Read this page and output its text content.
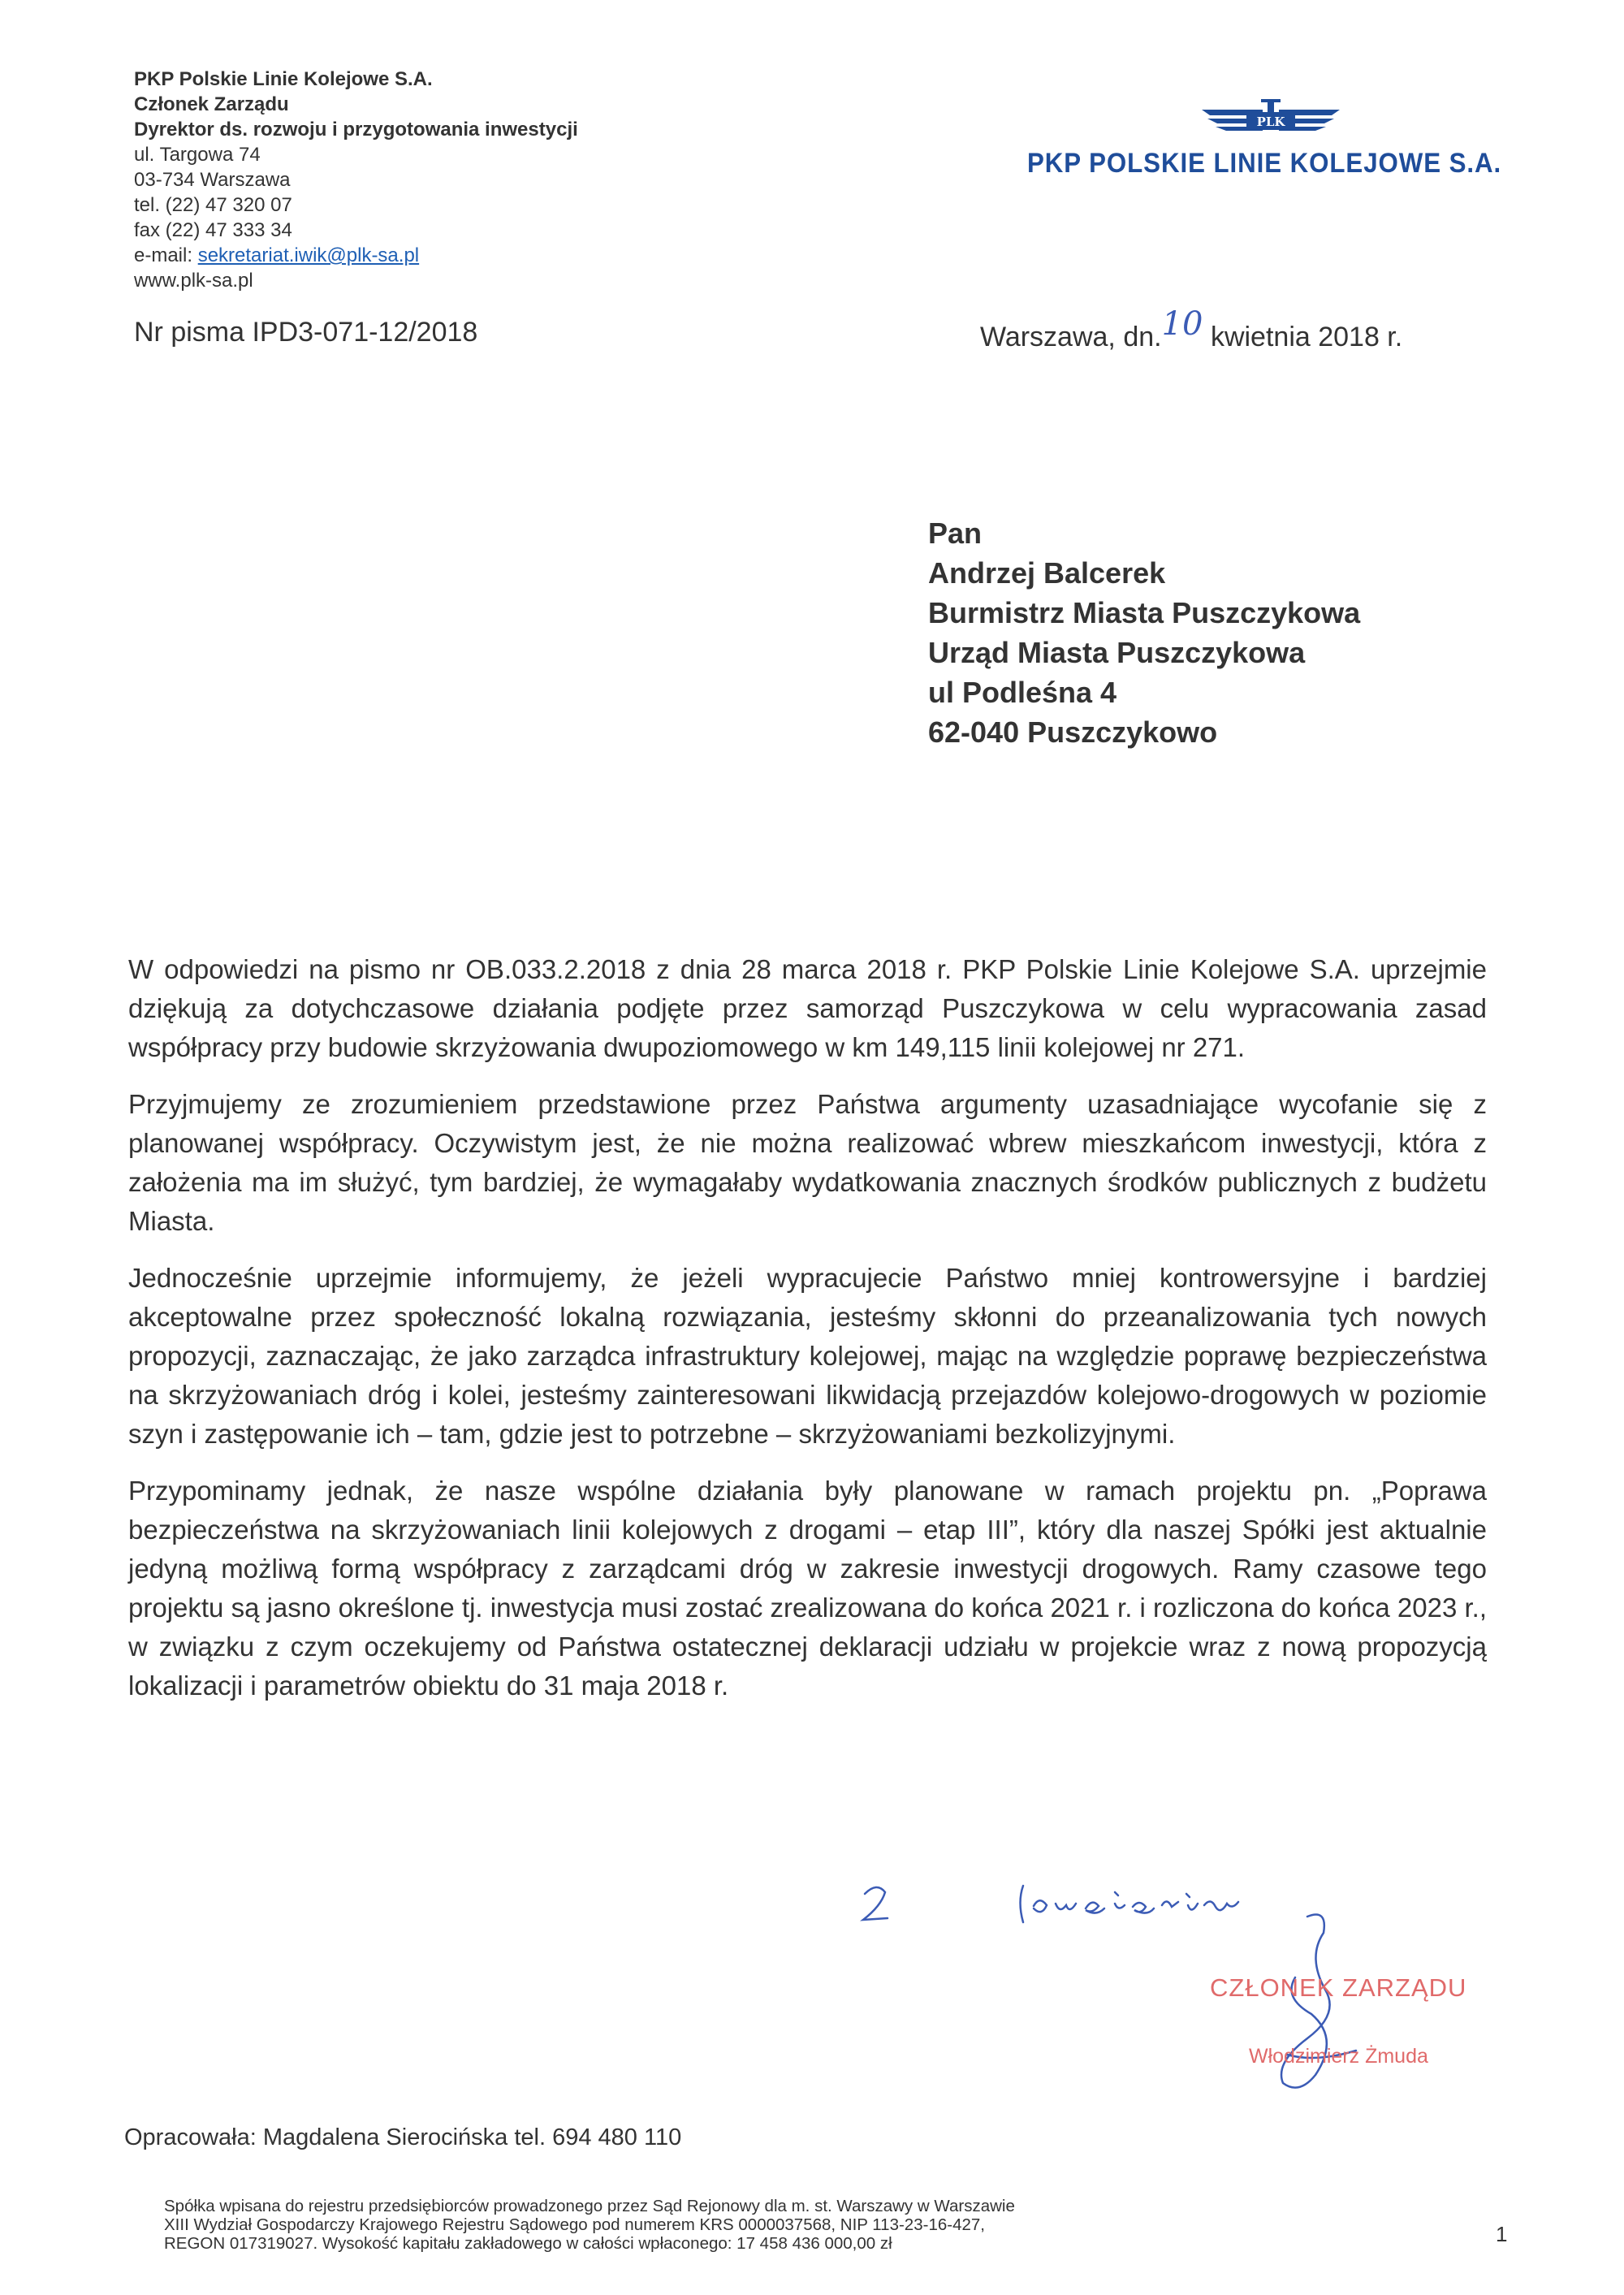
PKP Polskie Linie Kolejowe S.A.
Członek Zarządu
Dyrektor ds. rozwoju i przygotowania inwestycji
ul. Targowa 74
03-734 Warszawa
tel. (22) 47 320 07
fax (22) 47 333 34
e-mail: sekretariat.iwik@plk-sa.pl
www.plk-sa.pl
PLK
PKP POLSKIE LINIE KOLEJOWE S.A.
Nr pisma IPD3-071-12/2018	Warszawa, dn.10 kwietnia 2018 r.
Pan
Andrzej Balcerek
Burmistrz Miasta Puszczykowa
Urząd Miasta Puszczykowa
ul Podleśna 4
62-040 Puszczykowo

W odpowiedzi na pismo nr OB.033.2.2018 z dnia 28 marca 2018 r. PKP Polskie Linie Kolejowe S.A. uprzejmie dziękują za dotychczasowe działania podjęte przez samorząd Puszczykowa w celu wypracowania zasad współpracy przy budowie skrzyżowania dwupoziomowego w km 149,115 linii kolejowej nr 271.

Przyjmujemy ze zrozumieniem przedstawione przez Państwa argumenty uzasadniające wycofanie się z planowanej współpracy. Oczywistym jest, że nie można realizować wbrew mieszkańcom inwestycji, która z założenia ma im służyć, tym bardziej, że wymagałaby wydatkowania znacznych środków publicznych z budżetu Miasta.

Jednocześnie uprzejmie informujemy, że jeżeli wypracujecie Państwo mniej kontrowersyjne i bardziej akceptowalne przez społeczność lokalną rozwiązania, jesteśmy skłonni do przeanalizowania tych nowych propozycji, zaznaczając, że jako zarządca infrastruktury kolejowej, mając na względzie poprawę bezpieczeństwa na skrzyżowaniach dróg i kolei, jesteśmy zainteresowani likwidacją przejazdów kolejowo-drogowych w poziomie szyn i zastępowanie ich – tam, gdzie jest to potrzebne – skrzyżowaniami bezkolizyjnymi.

Przypominamy jednak, że nasze wspólne działania były planowane w ramach projektu pn. „Poprawa bezpieczeństwa na skrzyżowaniach linii kolejowych z drogami – etap III”, który dla naszej Spółki jest aktualnie jedyną możliwą formą współpracy z zarządcami dróg w zakresie inwestycji drogowych. Ramy czasowe tego projektu są jasno określone tj. inwestycja musi zostać zrealizowana do końca 2021 r. i rozliczona do końca 2023 r., w związku z czym oczekujemy od Państwa ostatecznej deklaracji udziału w projekcie wraz z nową propozycją lokalizacji i parametrów obiektu do 31 maja 2018 r.

CZŁONEK ZARZĄDU
Włodzimierz Żmuda
Opracowała: Magdalena Sierocińska tel. 694 480 110
Spółka wpisana do rejestru przedsiębiorców prowadzonego przez Sąd Rejonowy dla m. st. Warszawy w Warszawie
XIII Wydział Gospodarczy Krajowego Rejestru Sądowego pod numerem KRS 0000037568, NIP 113-23-16-427,
REGON 017319027. Wysokość kapitału zakładowego w całości wpłaconego: 17 458 436 000,00 zł	1
